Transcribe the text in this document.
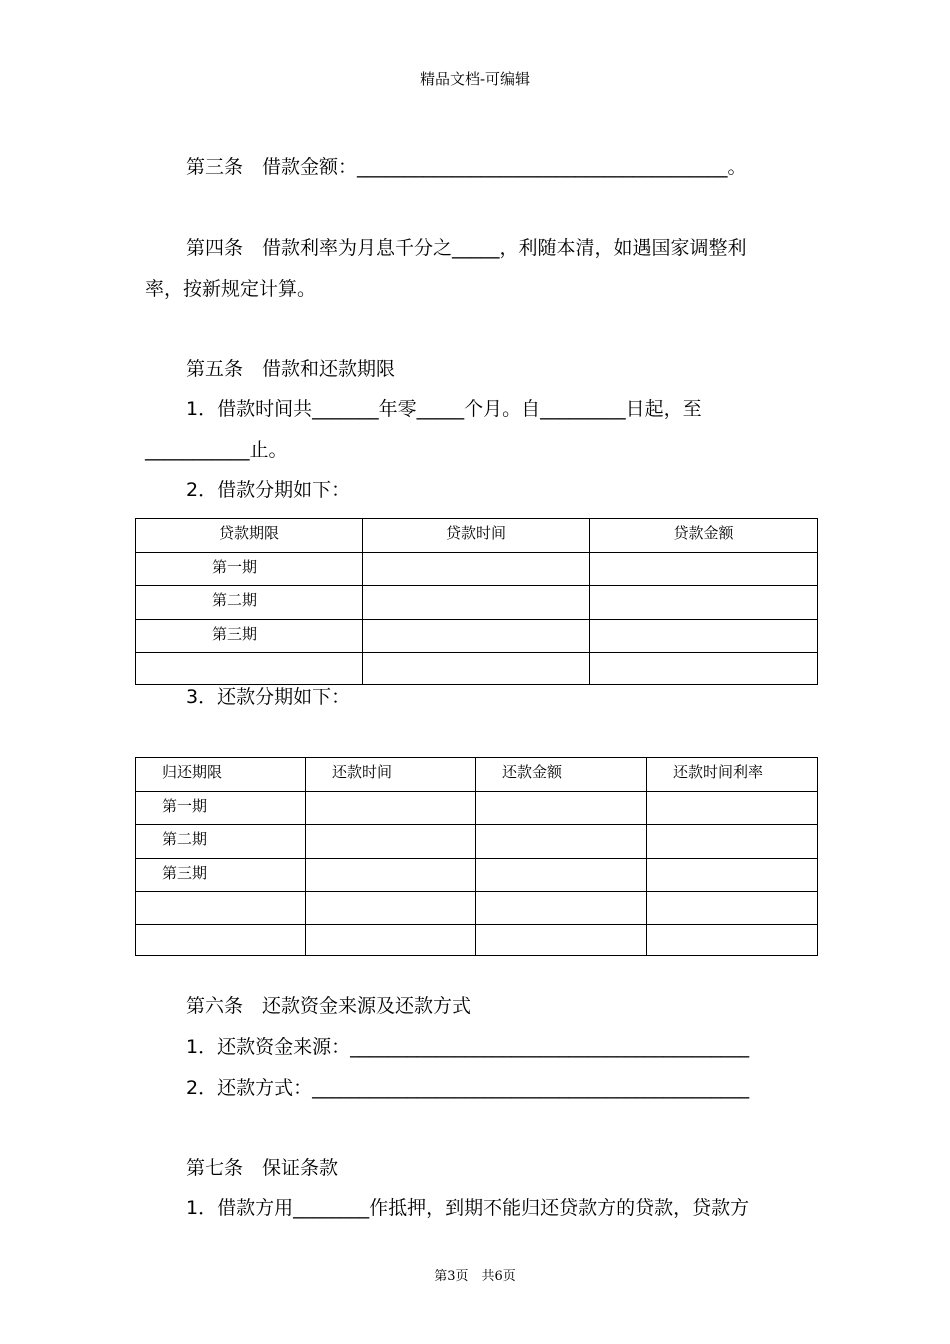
精品文档-可编辑
第三条　借款金额：_______________________________________。
第四条　借款利率为月息千分之_____，利随本清，如遇国家调整利
率，按新规定计算。
第五条　借款和还款期限
1．借款时间共_______年零_____个月。自_________日起，至
___________止。
2．借款分期如下：
贷款期限	贷款时间	贷款金额

第一期		

第二期		

第三期		

3．还款分期如下：
归还期限	还款时间	还款金额	还款时间利率

第一期			

第二期			

第三期			

第六条　还款资金来源及还款方式
1．还款资金来源：__________________________________________
2．还款方式：______________________________________________
第七条　保证条款
1．借款方用________作抵押，到期不能归还贷款方的贷款，贷款方
第3页　共6页
